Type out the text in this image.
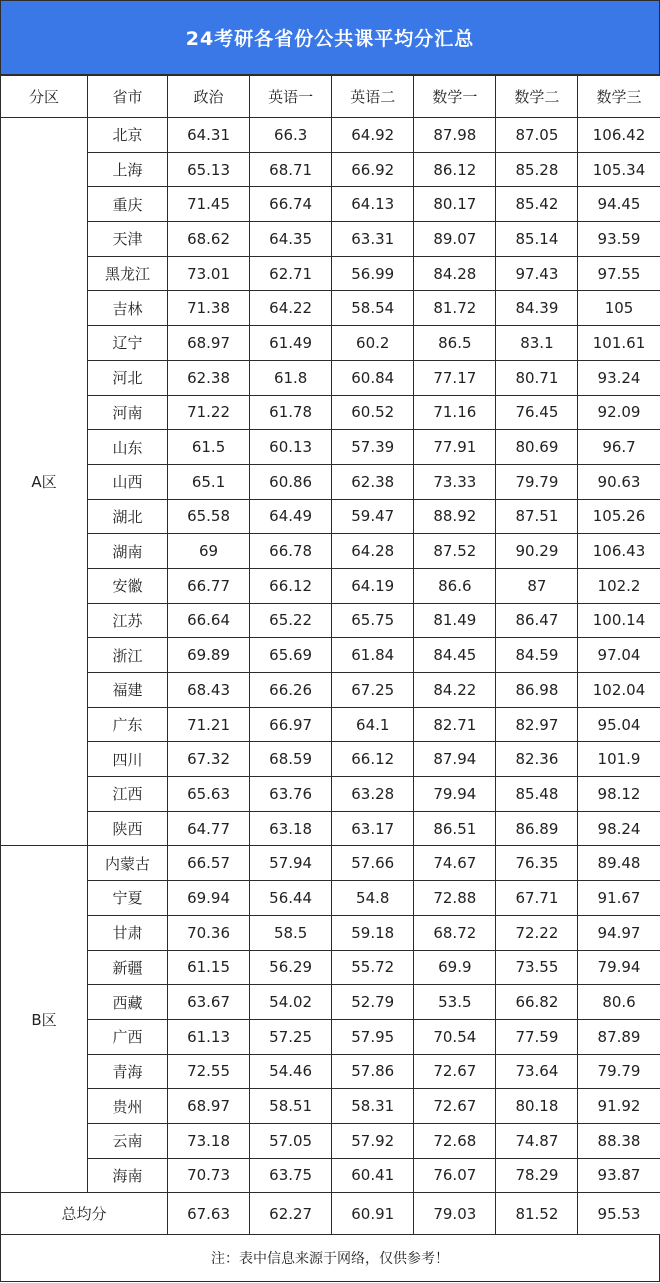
24考研各省份公共课平均分汇总
分区	省市	政治	英语一	英语二	数学一	数学二	数学三
A区	北京	64.31	66.3	64.92	87.98	87.05	106.42
	上海	65.13	68.71	66.92	86.12	85.28	105.34
	重庆	71.45	66.74	64.13	80.17	85.42	94.45
	天津	68.62	64.35	63.31	89.07	85.14	93.59
	黑龙江	73.01	62.71	56.99	84.28	97.43	97.55
	吉林	71.38	64.22	58.54	81.72	84.39	105
	辽宁	68.97	61.49	60.2	86.5	83.1	101.61
	河北	62.38	61.8	60.84	77.17	80.71	93.24
	河南	71.22	61.78	60.52	71.16	76.45	92.09
	山东	61.5	60.13	57.39	77.91	80.69	96.7
	山西	65.1	60.86	62.38	73.33	79.79	90.63
	湖北	65.58	64.49	59.47	88.92	87.51	105.26
	湖南	69	66.78	64.28	87.52	90.29	106.43
	安徽	66.77	66.12	64.19	86.6	87	102.2
	江苏	66.64	65.22	65.75	81.49	86.47	100.14
	浙江	69.89	65.69	61.84	84.45	84.59	97.04
	福建	68.43	66.26	67.25	84.22	86.98	102.04
	广东	71.21	66.97	64.1	82.71	82.97	95.04
	四川	67.32	68.59	66.12	87.94	82.36	101.9
	江西	65.63	63.76	63.28	79.94	85.48	98.12
	陕西	64.77	63.18	63.17	86.51	86.89	98.24
B区	内蒙古	66.57	57.94	57.66	74.67	76.35	89.48
	宁夏	69.94	56.44	54.8	72.88	67.71	91.67
	甘肃	70.36	58.5	59.18	68.72	72.22	94.97
	新疆	61.15	56.29	55.72	69.9	73.55	79.94
	西藏	63.67	54.02	52.79	53.5	66.82	80.6
	广西	61.13	57.25	57.95	70.54	77.59	87.89
	青海	72.55	54.46	57.86	72.67	73.64	79.79
	贵州	68.97	58.51	58.31	72.67	80.18	91.92
	云南	73.18	57.05	57.92	72.68	74.87	88.38
	海南	70.73	63.75	60.41	76.07	78.29	93.87
总均分		67.63	62.27	60.91	79.03	81.52	95.53
注：表中信息来源于网络，仅供参考！
